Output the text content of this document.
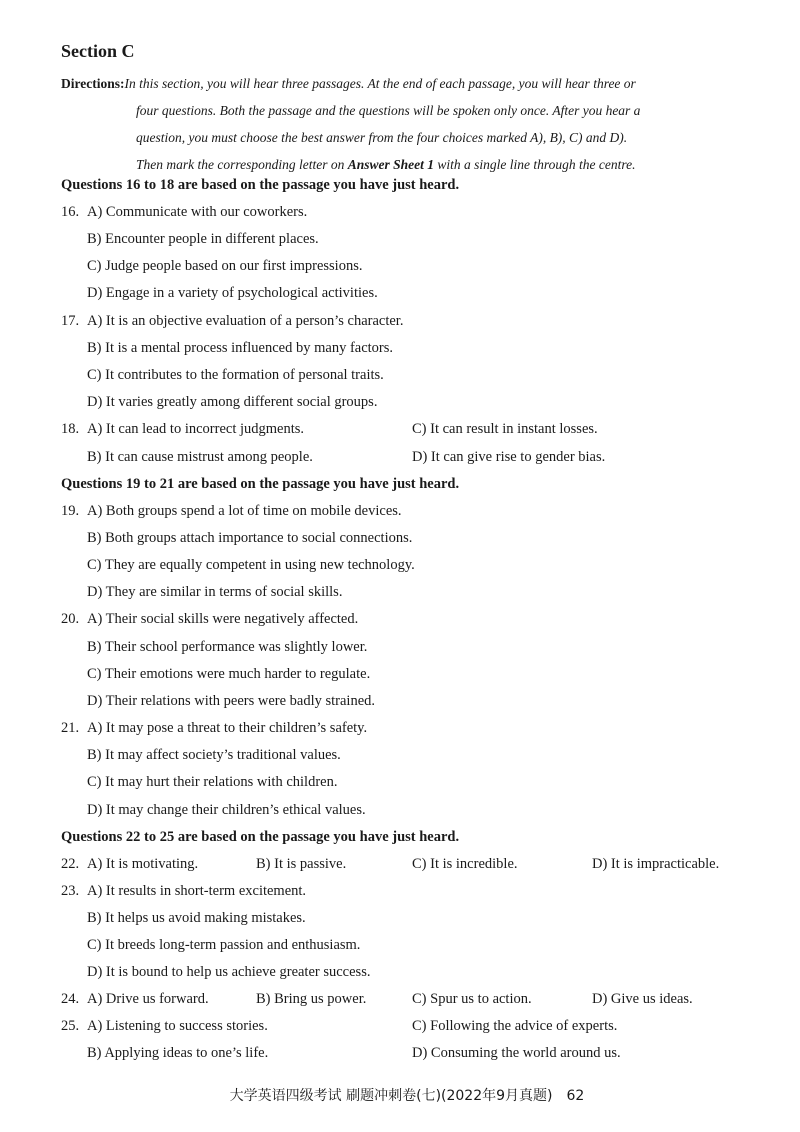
Section C
Directions:In this section, you will hear three passages. At the end of each passage, you will hear three or
four questions. Both the passage and the questions will be spoken only once. After you hear a
question, you must choose the best answer from the four choices marked A), B), C) and D).
Then mark the corresponding letter on Answer Sheet 1 with a single line through the centre.
Questions 16 to 18 are based on the passage you have just heard.
16. A) Communicate with our coworkers.
B) Encounter people in different places.
C) Judge people based on our first impressions.
D) Engage in a variety of psychological activities.
17. A) It is an objective evaluation of a person’s character.
B) It is a mental process influenced by many factors.
C) It contributes to the formation of personal traits.
D) It varies greatly among different social groups.
18. A) It can lead to incorrect judgments.
B) It can cause mistrust among people.
C) It can result in instant losses.
D) It can give rise to gender bias.
Questions 19 to 21 are based on the passage you have just heard.
19. A) Both groups spend a lot of time on mobile devices.
B) Both groups attach importance to social connections.
C) They are equally competent in using new technology.
D) They are similar in terms of social skills.
20. A) Their social skills were negatively affected.
B) Their school performance was slightly lower.
C) Their emotions were much harder to regulate.
D) Their relations with peers were badly strained.
21. A) It may pose a threat to their children’s safety.
B) It may affect society’s traditional values.
C) It may hurt their relations with children.
D) It may change their children’s ethical values.
Questions 22 to 25 are based on the passage you have just heard.
22. A) It is motivating.	B) It is passive.	C) It is incredible.	D) It is impracticable.
23. A) It results in short-term excitement.
B) It helps us avoid making mistakes.
C) It breeds long-term passion and enthusiasm.
D) It is bound to help us achieve greater success.
24. A) Drive us forward.	B) Bring us power.	C) Spur us to action.	D) Give us ideas.
25. A) Listening to success stories.
B) Applying ideas to one’s life.
C) Following the advice of experts.
D) Consuming the world around us.
大学英语四级考试 刷题冲刺卷(七)(2022年9月真题) 62
